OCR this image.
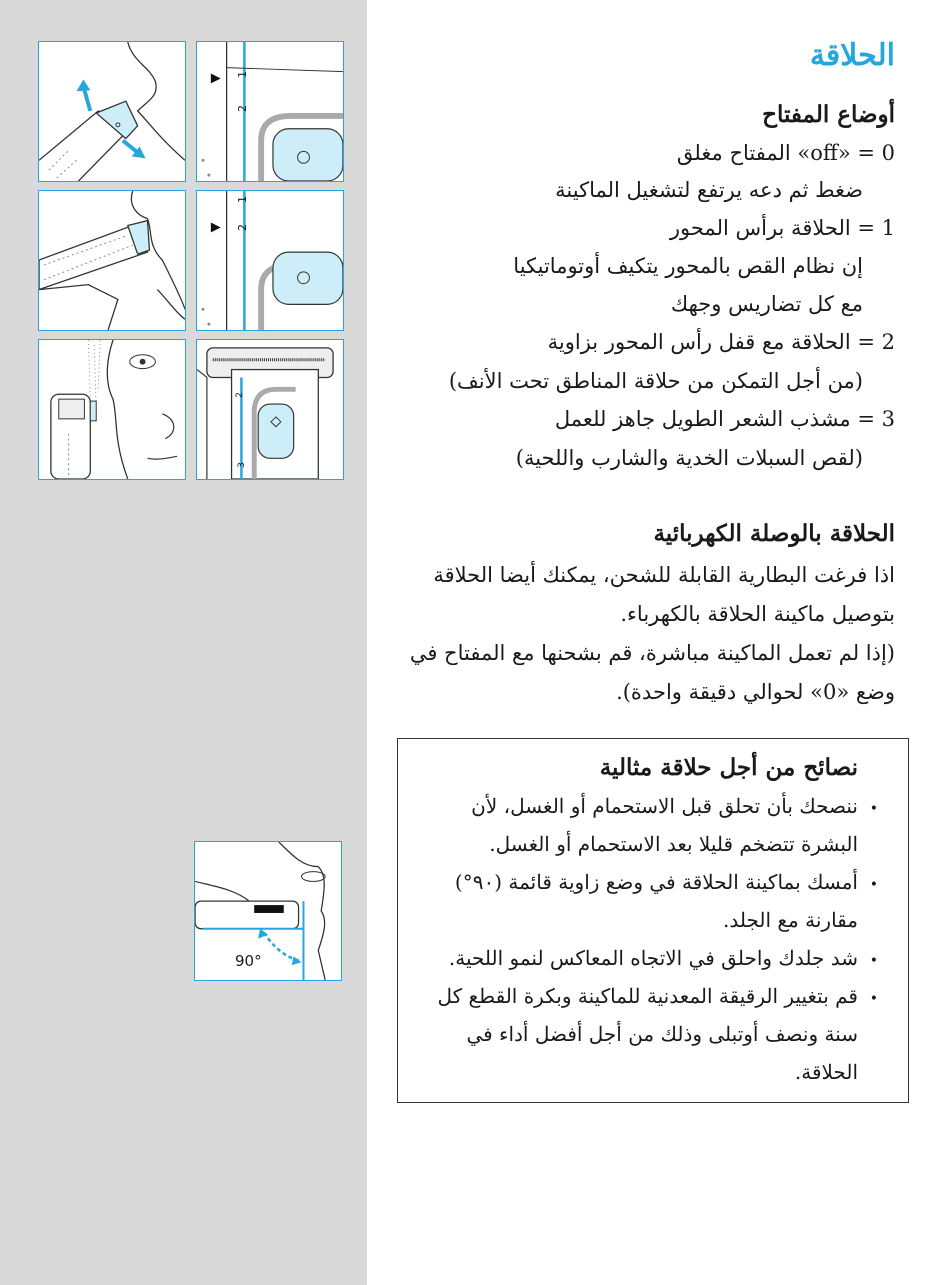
1
2
1
2
2
3
90°
الحلاقة
أوضاع المفتاح
0 = «off» المفتاح مغلق
ضغط ثم دعه يرتفع لتشغيل الماكينة
1 = الحلاقة برأس المحور
إن نظام القص بالمحور يتكيف أوتوماتيكيا
مع كل تضاريس وجهك
2 = الحلاقة مع قفل رأس المحور بزاوية
(من أجل التمكن من حلاقة المناطق تحت الأنف)
3 = مشذب الشعر الطويل جاهز للعمل
(لقص السبلات الخدية والشارب واللحية)
الحلاقة بالوصلة الكهربائية
اذا فرغت البطارية القابلة للشحن، يمكنك أيضا الحلاقة
بتوصيل ماكينة الحلاقة بالكهرباء.
(إذا لم تعمل الماكينة مباشرة، قم بشحنها مع المفتاح في
وضع «0» لحوالي دقيقة واحدة).
نصائح من أجل حلاقة مثالية
•
ننصحك بأن تحلق قبل الاستحمام أو الغسل، لأن
البشرة تتضخم قليلا بعد الاستحمام أو الغسل.
•
أمسك بماكينة الحلاقة في وضع زاوية قائمة (٩٠°)
مقارنة مع الجلد.
•
شد جلدك واحلق في الاتجاه المعاكس لنمو اللحية.
•
قم بتغيير الرقيقة المعدنية للماكينة وبكرة القطع كل
سنة ونصف أوتبلى وذلك من أجل أفضل أداء في
الحلاقة.
